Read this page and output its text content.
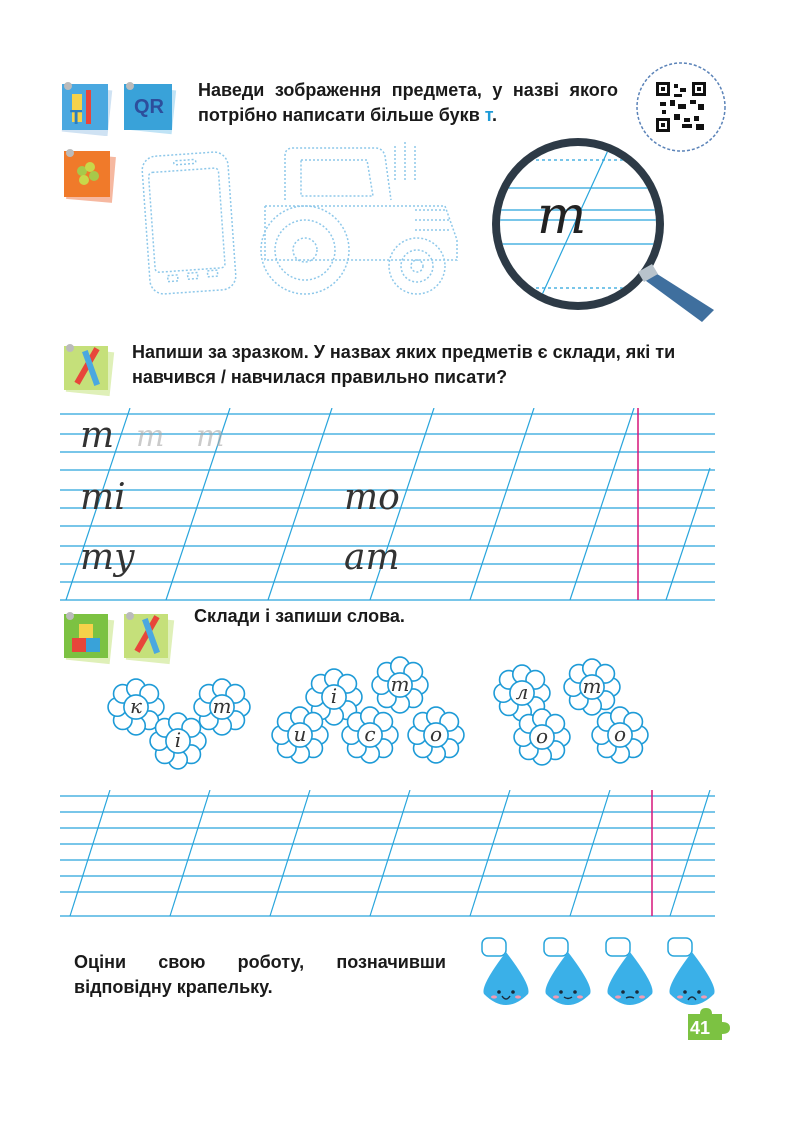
T	QR
Наведи зображення предмета, у назві якого потрібно написати більше букв т.
m
Напиши за зразком. У назвах яких предметів є склади, які ти навчився / навчилася правильно писати?
m m m
mi	mo
my	am
Склади і запиши слова.
к	m
i
i	m
и	c	o
л	m
o	o
Оціни свою роботу, позначивши відповідну крапельку.
41
